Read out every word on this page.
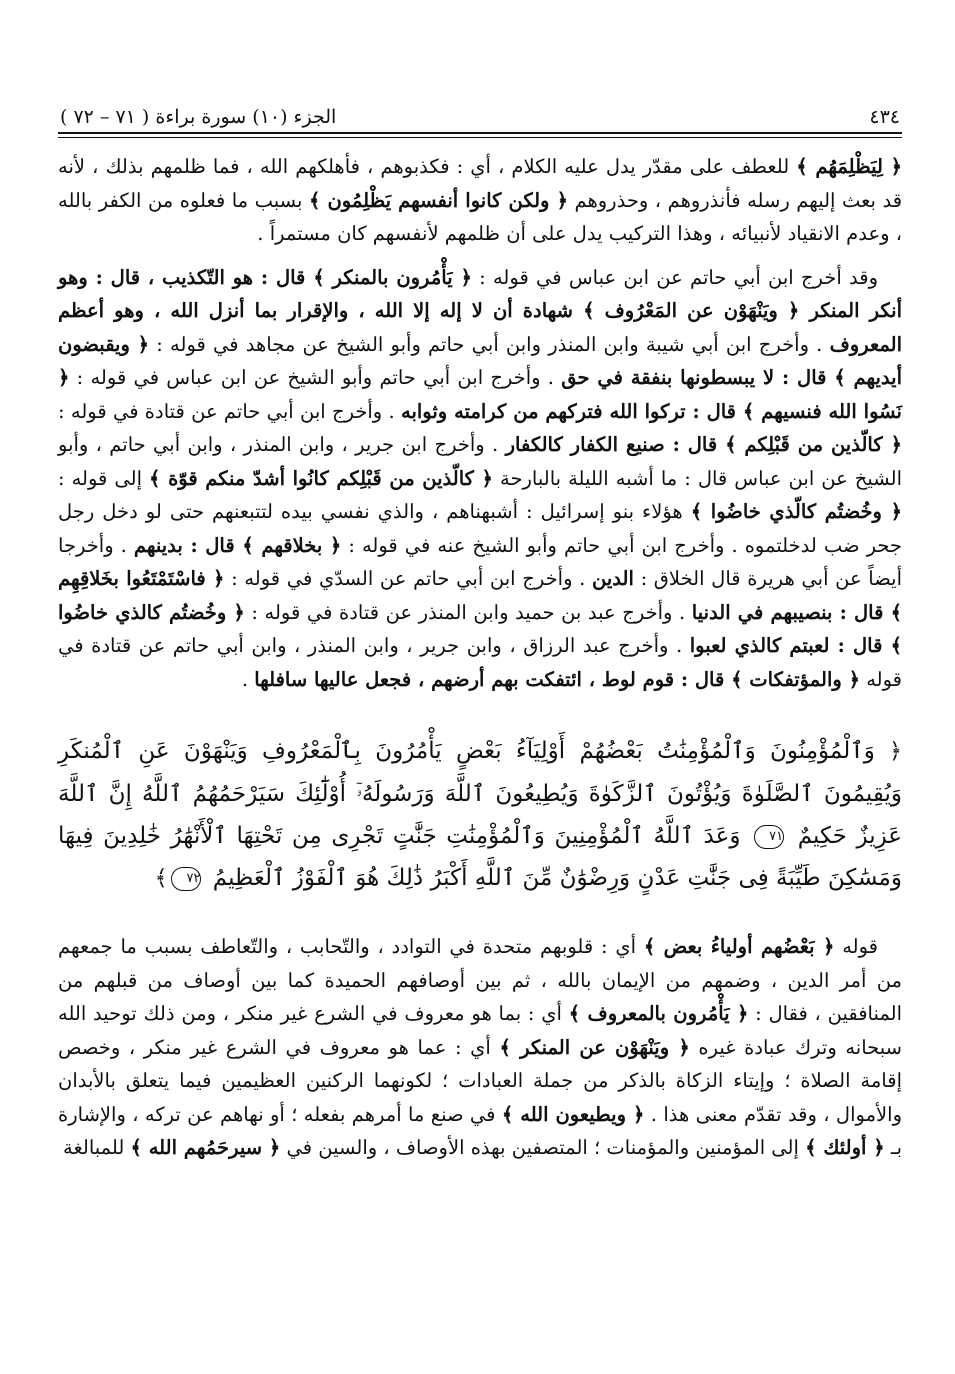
٤٣٤
الجزء (١٠) سورة براءة ( ٧١ – ٧٢ )

﴿ لِيَظْلِمَهُم ﴾ للعطف على مقدّر يدل عليه الكلام ، أي : فكذبوهم ، فأهلكهم الله ، فما ظلمهم بذلك ، لأنه قد بعث إليهم رسله فأنذروهم ، وحذروهم ﴿ ولكن كانوا أنفسهم يَظْلِمُون ﴾ بسبب ما فعلوه من الكفر بالله ، وعدم الانقياد لأنبيائه ، وهذا التركيب يدل على أن ظلمهم لأنفسهم كان مستمراً .

وقد أخرج ابن أبي حاتم عن ابن عباس في قوله : ﴿ يَأْمُرون بالمنكر ﴾ قال : هو التّكذيب ، قال : وهو أنكر المنكر ﴿ ويَنْهَوْن عن المَعْرُوف ﴾ شهادة أن لا إله إلا الله ، والإقرار بما أنزل الله ، وهو أعظم المعروف . وأخرج ابن أبي شيبة وابن المنذر وابن أبي حاتم وأبو الشيخ عن مجاهد في قوله : ﴿ ويقبضون أيديهم ﴾ قال : لا يبسطونها بنفقة في حق . وأخرج ابن أبي حاتم وأبو الشيخ عن ابن عباس في قوله : ﴿ نَسُوا الله فنسيهم ﴾ قال : تركوا الله فتركهم من كرامته وثوابه . وأخرج ابن أبي حاتم عن قتادة في قوله : ﴿ كالّذين من قَبْلِكم ﴾ قال : صنيع الكفار كالكفار . وأخرج ابن جرير ، وابن المنذر ، وابن أبي حاتم ، وأبو الشيخ عن ابن عباس قال : ما أشبه الليلة بالبارحة ﴿ كالّذين من قَبْلِكم كانُوا أشدّ منكم قوّة ﴾ إلى قوله : ﴿ وخُضتُم كالّذي خاضُوا ﴾ هؤلاء بنو إسرائيل : أشبهناهم ، والذي نفسي بيده لتتبعنهم حتى لو دخل رجل جحر ضب لدخلتموه . وأخرج ابن أبي حاتم وأبو الشيخ عنه في قوله : ﴿ بخلاقهم ﴾ قال : بدينهم . وأخرجا أيضاً عن أبي هريرة قال الخلاق : الدين . وأخرج ابن أبي حاتم عن السدّي في قوله : ﴿ فاسْتَمْتَعُوا بخَلاقِهِم ﴾ قال : بنصيبهم في الدنيا . وأخرج عبد بن حميد وابن المنذر عن قتادة في قوله : ﴿ وخُضتُم كالذي خاضُوا ﴾ قال : لعبتم كالذي لعبوا . وأخرج عبد الرزاق ، وابن جرير ، وابن المنذر ، وابن أبي حاتم عن قتادة في قوله ﴿ والمؤتفكات ﴾ قال : قوم لوط ، ائتفكت بهم أرضهم ، فجعل عاليها سافلها .

﴿ وَٱلْمُؤْمِنُونَ وَٱلْمُؤْمِنَٰتُ بَعْضُهُمْ أَوْلِيَآءُ بَعْضٍ يَأْمُرُونَ بِٱلْمَعْرُوفِ وَيَنْهَوْنَ عَنِ ٱلْمُنكَرِ وَيُقِيمُونَ ٱلصَّلَوٰةَ وَيُؤْتُونَ ٱلزَّكَوٰةَ وَيُطِيعُونَ ٱللَّهَ وَرَسُولَهُۥٓ أُوْلَٰٓئِكَ سَيَرْحَمُهُمُ ٱللَّهُ إِنَّ ٱللَّهَ عَزِيزٌ حَكِيمٌ ٧١ وَعَدَ ٱللَّهُ ٱلْمُؤْمِنِينَ وَٱلْمُؤْمِنَٰتِ جَنَّٰتٍ تَجْرِى مِن تَحْتِهَا ٱلْأَنْهَٰرُ خَٰلِدِينَ فِيهَا وَمَسَٰكِنَ طَيِّبَةً فِى جَنَّٰتِ عَدْنٍ وَرِضْوَٰنٌ مِّنَ ٱللَّهِ أَكْبَرُ ذَٰلِكَ هُوَ ٱلْفَوْزُ ٱلْعَظِيمُ ٧٢﴾

قوله ﴿ بَعْضُهم أولياءُ بعض ﴾ أي : قلوبهم متحدة في التوادد ، والتّحابب ، والتّعاطف بسبب ما جمعهم من أمر الدين ، وضمهم من الإيمان بالله ، ثم بين أوصافهم الحميدة كما بين أوصاف من قبلهم من المنافقين ، فقال : ﴿ يَأْمُرون بالمعروف ﴾ أي : بما هو معروف في الشرع غير منكر ، ومن ذلك توحيد الله سبحانه وترك عبادة غيره ﴿ ويَنْهَوْن عن المنكر ﴾ أي : عما هو معروف في الشرع غير منكر ، وخصص إقامة الصلاة ؛ وإيتاء الزكاة بالذكر من جملة العبادات ؛ لكونهما الركنين العظيمين فيما يتعلق بالأبدان والأموال ، وقد تقدّم معنى هذا . ﴿ ويطيعون الله ﴾ في صنع ما أمرهم بفعله ؛ أو نهاهم عن تركه ، والإشارة بـ ﴿ أولئك ﴾ إلى المؤمنين والمؤمنات ؛ المتصفين بهذه الأوصاف ، والسين في ﴿ سيرحَمُهم الله ﴾ للمبالغة
